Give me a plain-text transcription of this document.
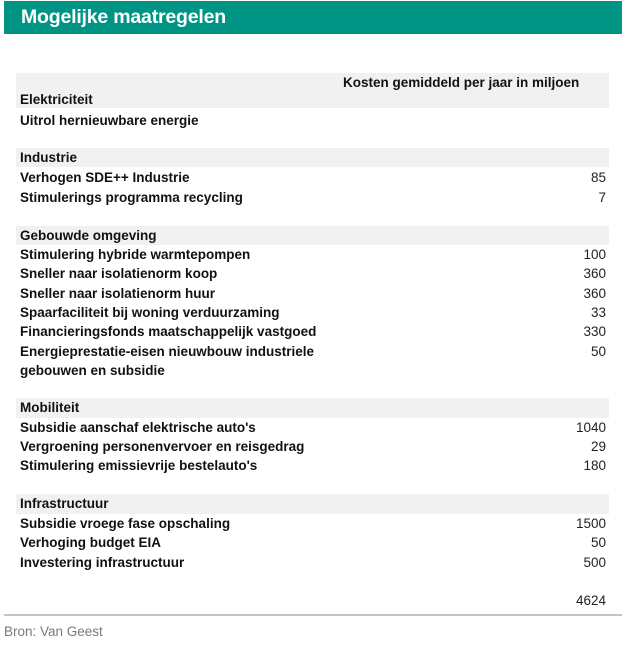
Mogelijke maatregelen
Kosten gemiddeld per jaar in miljoen
Elektriciteit
Uitrol hernieuwbare energie
Industrie
Verhogen SDE++ Industrie	85
Stimulerings programma recycling	7
Gebouwde omgeving
Stimulering hybride warmtepompen	100
Sneller naar isolatienorm koop	360
Sneller naar isolatienorm huur	360
Spaarfaciliteit bij woning verduurzaming	33
Financieringsfonds maatschappelijk vastgoed	330
Energieprestatie-eisen nieuwbouw industriele	50
gebouwen en subsidie
Mobiliteit
Subsidie aanschaf elektrische auto's	1040
Vergroening personenvervoer en reisgedrag	29
Stimulering emissievrije bestelauto's	180
Infrastructuur
Subsidie vroege fase opschaling	1500
Verhoging budget EIA	50
Investering infrastructuur	500
4624
Bron: Van Geest
